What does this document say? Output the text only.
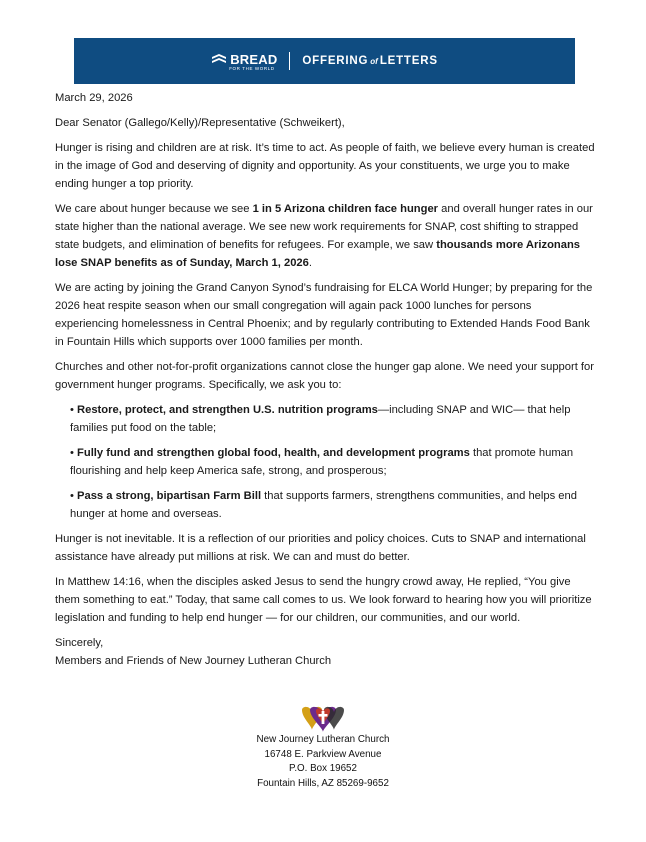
BREAD
FOR THE WORLD
OFFERING of LETTERS

March 29, 2026

Dear Senator (Gallego/Kelly)/Representative (Schweikert),

Hunger is rising and children are at risk. It’s time to act. As people of faith, we believe every human is created in the image of God and deserving of dignity and opportunity. As your constituents, we urge you to make ending hunger a top priority.

We care about hunger because we see 1 in 5 Arizona children face hunger and overall hunger rates in our state higher than the national average. We see new work requirements for SNAP, cost shifting to strapped state budgets, and elimination of benefits for refugees. For example, we saw thousands more Arizonans lose SNAP benefits as of Sunday, March 1, 2026.

We are acting by joining the Grand Canyon Synod’s fundraising for ELCA World Hunger; by preparing for the 2026 heat respite season when our small congregation will again pack 1000 lunches for persons experiencing homelessness in Central Phoenix; and by regularly contributing to Extended Hands Food Bank in Fountain Hills which supports over 1000 families per month.

Churches and other not-for-profit organizations cannot close the hunger gap alone. We need your support for government hunger programs. Specifically, we ask you to:

• Restore, protect, and strengthen U.S. nutrition programs—including SNAP and WIC— that help families put food on the table;
• Fully fund and strengthen global food, health, and development programs that promote human flourishing and help keep America safe, strong, and prosperous;
• Pass a strong, bipartisan Farm Bill that supports farmers, strengthens communities, and helps end hunger at home and overseas.

Hunger is not inevitable. It is a reflection of our priorities and policy choices. Cuts to SNAP and international assistance have already put millions at risk. We can and must do better.

In Matthew 14:16, when the disciples asked Jesus to send the hungry crowd away, He replied, “You give them something to eat.” Today, that same call comes to us. We look forward to hearing how you will prioritize legislation and funding to help end hunger — for our children, our communities, and our world.

Sincerely,

Members and Friends of New Journey Lutheran Church

New Journey Lutheran Church
16748 E. Parkview Avenue
P.O. Box 19652
Fountain Hills, AZ 85269-9652
